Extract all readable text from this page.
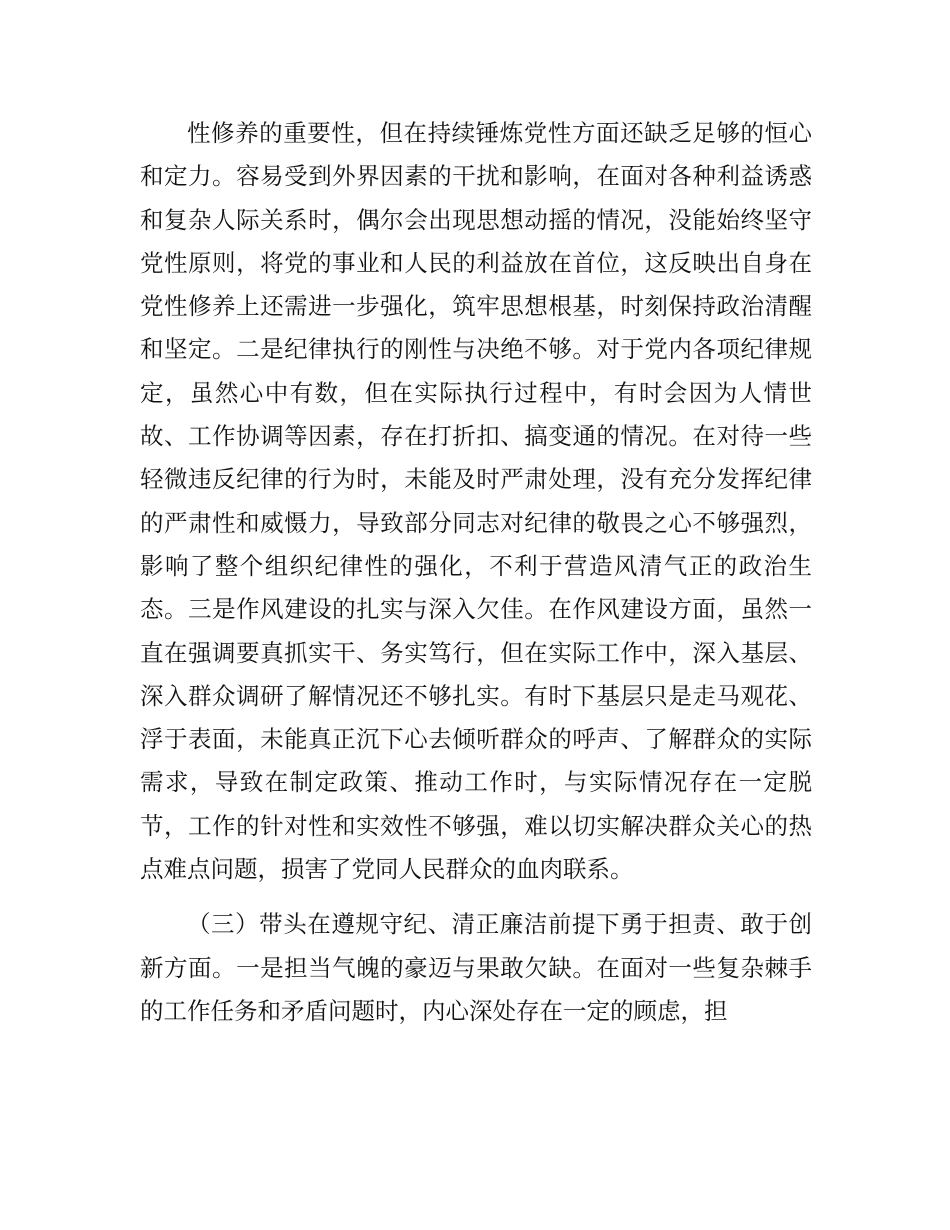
性修养的重要性，但在持续锤炼党性方面还缺乏足够的恒心和定力。容易受到外界因素的干扰和影响，在面对各种利益诱惑和复杂人际关系时，偶尔会出现思想动摇的情况，没能始终坚守党性原则，将党的事业和人民的利益放在首位，这反映出自身在党性修养上还需进一步强化，筑牢思想根基，时刻保持政治清醒和坚定。二是纪律执行的刚性与决绝不够。对于党内各项纪律规定，虽然心中有数，但在实际执行过程中，有时会因为人情世故、工作协调等因素，存在打折扣、搞变通的情况。在对待一些轻微违反纪律的行为时，未能及时严肃处理，没有充分发挥纪律的严肃性和威慑力，导致部分同志对纪律的敬畏之心不够强烈，影响了整个组织纪律性的强化，不利于营造风清气正的政治生态。三是作风建设的扎实与深入欠佳。在作风建设方面，虽然一直在强调要真抓实干、务实笃行，但在实际工作中，深入基层、深入群众调研了解情况还不够扎实。有时下基层只是走马观花、浮于表面，未能真正沉下心去倾听群众的呼声、了解群众的实际需求，导致在制定政策、推动工作时，与实际情况存在一定脱节，工作的针对性和实效性不够强，难以切实解决群众关心的热点难点问题，损害了党同人民群众的血肉联系。

（三）带头在遵规守纪、清正廉洁前提下勇于担责、敢于创新方面。一是担当气魄的豪迈与果敢欠缺。在面对一些复杂棘手的工作任务和矛盾问题时，内心深处存在一定的顾虑，担
